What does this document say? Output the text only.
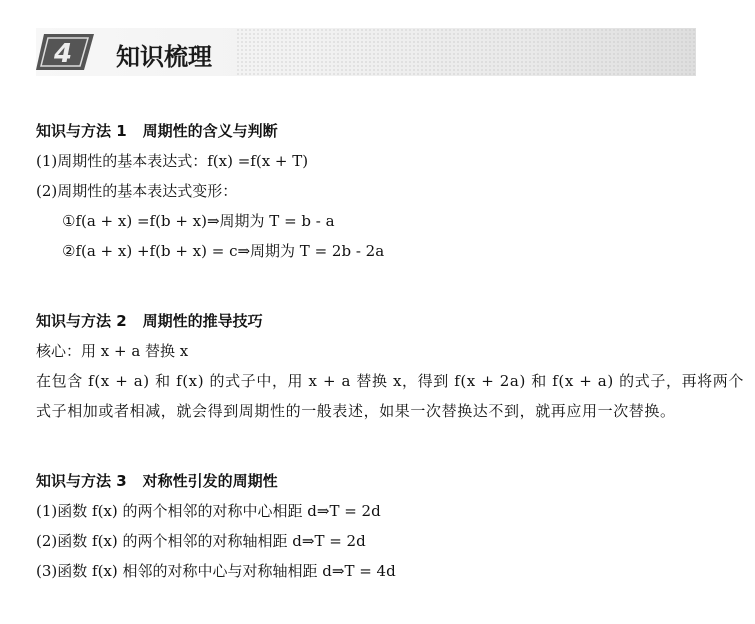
4 知识梳理
知识与方法 1 周期性的含义与判断
(1)周期性的基本表达式：f(x) =f(x + T)
(2)周期性的基本表达式变形：
①f(a + x) =f(b + x)⇒周期为 T = b - a
②f(a + x) +f(b + x) = c⇒周期为 T = 2b - 2a
知识与方法 2 周期性的推导技巧
核心：用 x + a 替换 x
在包含 f(x + a) 和 f(x) 的式子中，用 x + a 替换 x，得到 f(x + 2a) 和 f(x + a) 的式子，再将两个
式子相加或者相减，就会得到周期性的一般表述，如果一次替换达不到，就再应用一次替换。
知识与方法 3 对称性引发的周期性
(1)函数 f(x) 的两个相邻的对称中心相距 d⇒T = 2d
(2)函数 f(x) 的两个相邻的对称轴相距 d⇒T = 2d
(3)函数 f(x) 相邻的对称中心与对称轴相距 d⇒T = 4d
